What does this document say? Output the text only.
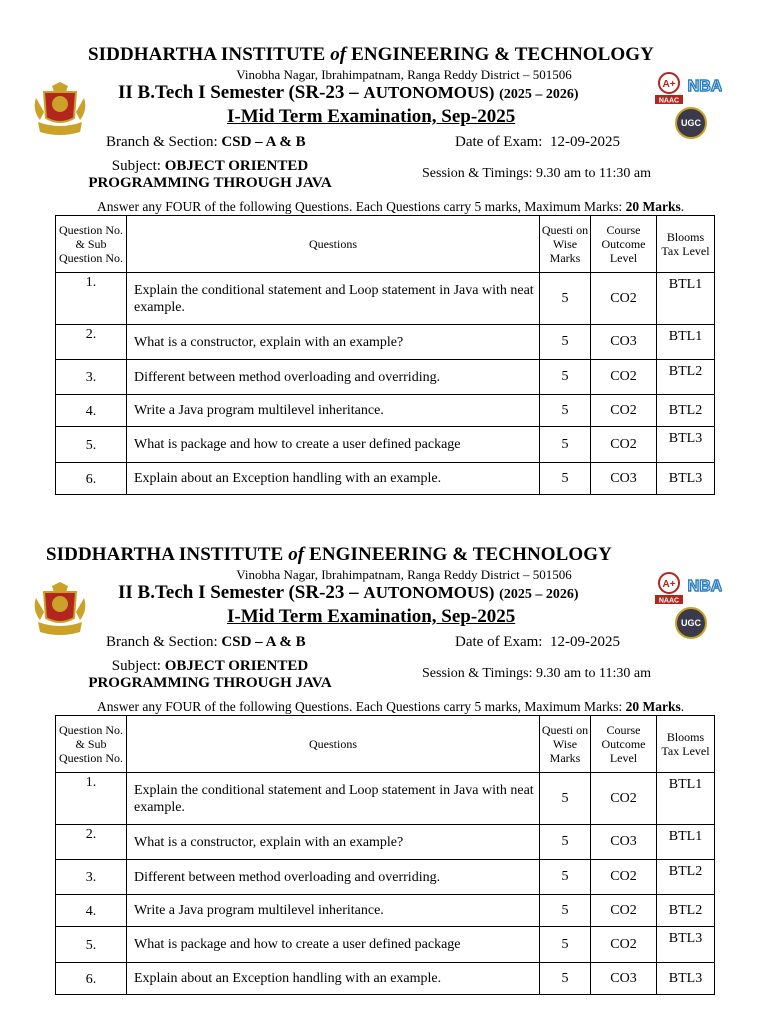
SIDDHARTHA INSTITUTE of ENGINEERING & TECHNOLOGY
Vinobha Nagar, Ibrahimpatnam, Ranga Reddy District – 501506
II B.Tech I Semester (SR-23 – AUTONOMOUS) (2025 – 2026)
I-Mid Term Examination, Sep-2025
A+
NAAC
NBA
UGC
Branch & Section: CSD – A & B	Date of Exam: 12-09-2025
Subject: OBJECT ORIENTED
PROGRAMMING THROUGH JAVA
Session & Timings: 9.30 am to 11:30 am
Answer any FOUR of the following Questions. Each Questions carry 5 marks, Maximum Marks: 20 Marks.
Question No. & Sub Question No.	Questions	Questi on Wise Marks	Course Outcome Level	Blooms Tax Level
1.	Explain the conditional statement and Loop statement in Java with neat example.	5	CO2	BTL1
2.	What is a constructor, explain with an example?	5	CO3	BTL1
3.	Different between method overloading and overriding.	5	CO2	BTL2
4.	Write a Java program multilevel inheritance.	5	CO2	BTL2
5.	What is package and how to create a user defined package	5	CO2	BTL3
6.	Explain about an Exception handling with an example.	5	CO3	BTL3
SIDDHARTHA INSTITUTE of ENGINEERING & TECHNOLOGY
Vinobha Nagar, Ibrahimpatnam, Ranga Reddy District – 501506
II B.Tech I Semester (SR-23 – AUTONOMOUS) (2025 – 2026)
I-Mid Term Examination, Sep-2025
A+
NAAC
NBA
UGC
Branch & Section: CSD – A & B	Date of Exam: 12-09-2025
Subject: OBJECT ORIENTED
PROGRAMMING THROUGH JAVA
Session & Timings: 9.30 am to 11:30 am
Answer any FOUR of the following Questions. Each Questions carry 5 marks, Maximum Marks: 20 Marks.
Question No. & Sub Question No.	Questions	Questi on Wise Marks	Course Outcome Level	Blooms Tax Level
1.	Explain the conditional statement and Loop statement in Java with neat example.	5	CO2	BTL1
2.	What is a constructor, explain with an example?	5	CO3	BTL1
3.	Different between method overloading and overriding.	5	CO2	BTL2
4.	Write a Java program multilevel inheritance.	5	CO2	BTL2
5.	What is package and how to create a user defined package	5	CO2	BTL3
6.	Explain about an Exception handling with an example.	5	CO3	BTL3
